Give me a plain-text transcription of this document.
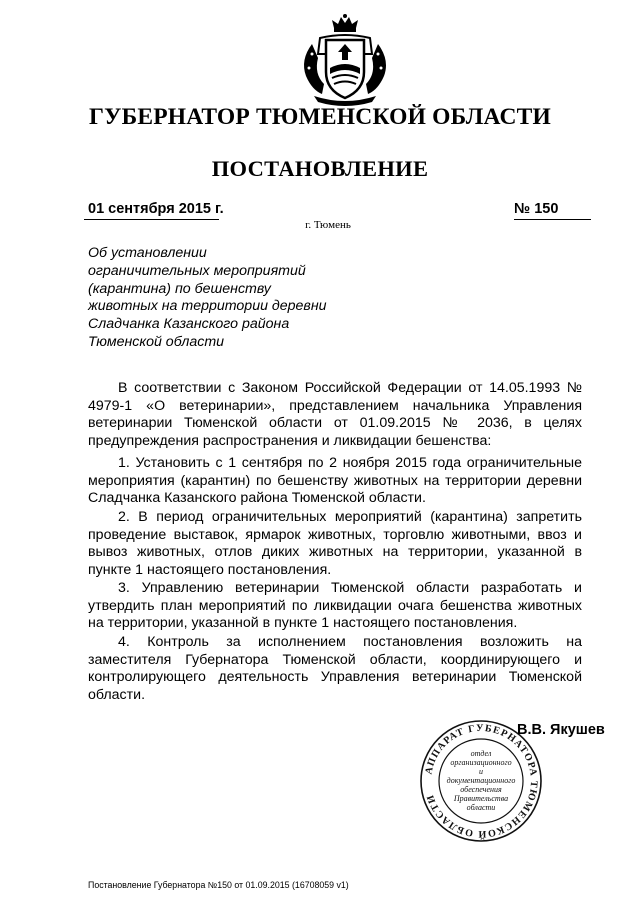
ГУБЕРНАТОР ТЮМЕНСКОЙ ОБЛАСТИ
ПОСТАНОВЛЕНИЕ
01 сентября 2015 г.	№ 150
г. Тюмень
Об установлении
ограничительных мероприятий
(карантина) по бешенству
животных на территории деревни
Сладчанка Казанского района
Тюменской области
В соответствии с Законом Российской Федерации от 14.05.1993 № 4979-1 «О ветеринарии», представлением начальника Управления ветеринарии Тюменской области от 01.09.2015 № 2036, в целях предупреждения распространения и ликвидации бешенства:
1. Установить с 1 сентября по 2 ноября 2015 года ограничительные мероприятия (карантин) по бешенству животных на территории деревни Сладчанка Казанского района Тюменской области.
2. В период ограничительных мероприятий (карантина) запретить проведение выставок, ярмарок животных, торговлю животными, ввоз и вывоз животных, отлов диких животных на территории, указанной в пункте 1 настоящего постановления.
3. Управлению ветеринарии Тюменской области разработать и утвердить план мероприятий по ликвидации очага бешенства животных на территории, указанной в пункте 1 настоящего постановления.
4. Контроль за исполнением постановления возложить на заместителя Губернатора Тюменской области, координирующего и контролирующего деятельность Управления ветеринарии Тюменской области.
АППАРАТ ГУБЕРНАТОРА ТЮМЕНСКОЙ ОБЛАСТИ
отдел
организационного
и
документационного
обеспечения
Правительства
области
В.В. Якушев
Постановление Губернатора №150 от 01.09.2015 (16708059 v1)
